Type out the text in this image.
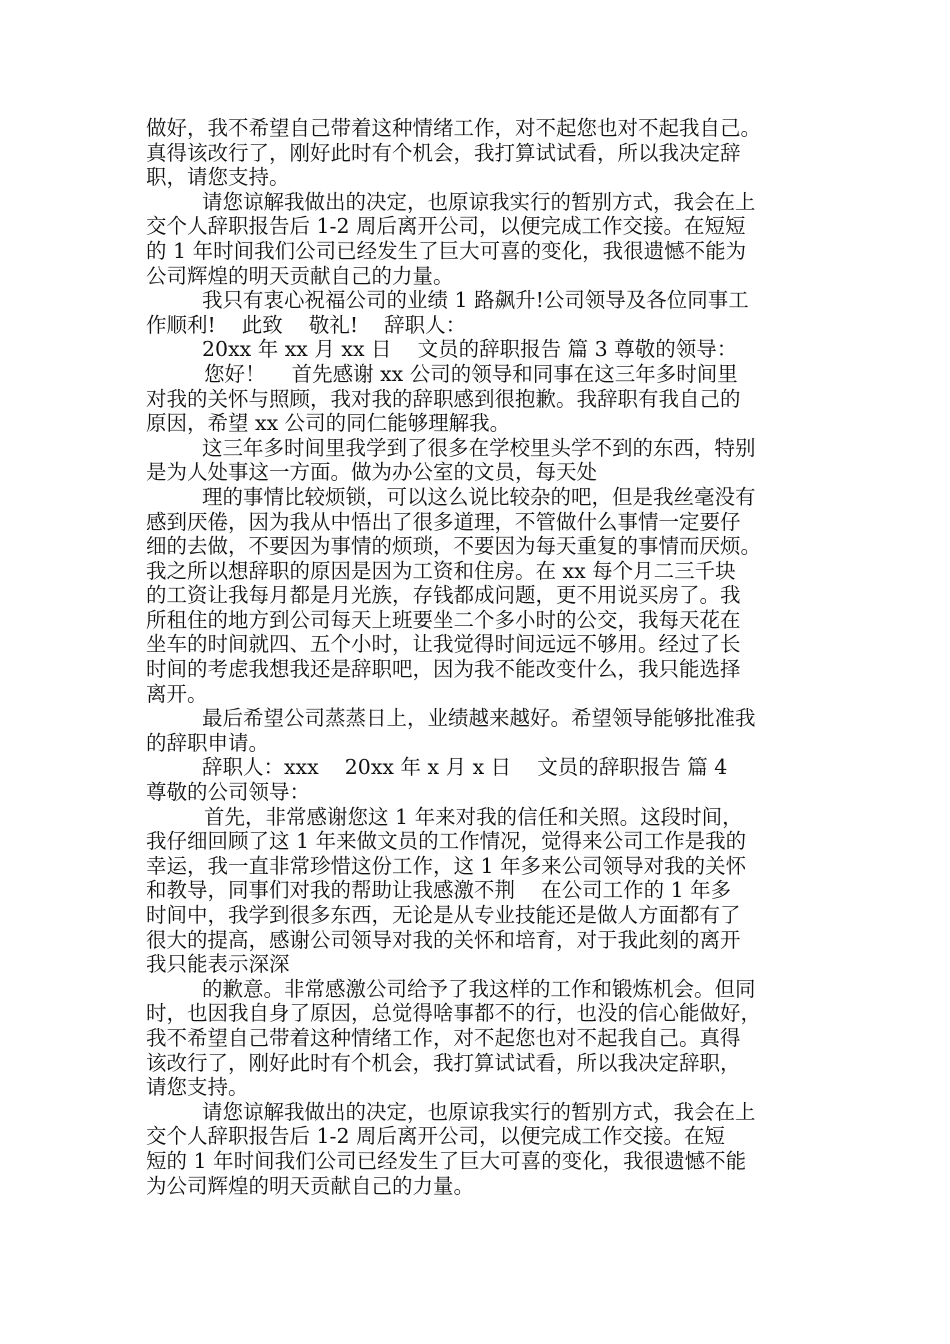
做好，我不希望自己带着这种情绪工作，对不起您也对不起我自己。
真得该改行了，刚好此时有个机会，我打算试试看，所以我决定辞
职，请您支持。
请您谅解我做出的决定，也原谅我实行的暂别方式，我会在上
交个人辞职报告后 1-2 周后离开公司，以便完成工作交接。在短短
的 1 年时间我们公司已经发生了巨大可喜的变化，我很遗憾不能为
公司辉煌的明天贡献自己的力量。
我只有衷心祝福公司的业绩 1 路飙升!公司领导及各位同事工
作顺利!    此致    敬礼!    辞职人：
20xx 年 xx 月 xx 日    文员的辞职报告 篇 3 尊敬的领导：
您好！    首先感谢 xx 公司的领导和同事在这三年多时间里
对我的关怀与照顾，我对我的辞职感到很抱歉。我辞职有我自己的
原因，希望 xx 公司的同仁能够理解我。
这三年多时间里我学到了很多在学校里头学不到的东西，特别
是为人处事这一方面。做为办公室的文员，每天处
理的事情比较烦锁，可以这么说比较杂的吧，但是我丝毫没有
感到厌倦，因为我从中悟出了很多道理，不管做什么事情一定要仔
细的去做，不要因为事情的烦琐，不要因为每天重复的事情而厌烦。
我之所以想辞职的原因是因为工资和住房。在 xx 每个月二三千块
的工资让我每月都是月光族，存钱都成问题，更不用说买房了。我
所租住的地方到公司每天上班要坐二个多小时的公交，我每天花在
坐车的时间就四、五个小时，让我觉得时间远远不够用。经过了长
时间的考虑我想我还是辞职吧，因为我不能改变什么，我只能选择
离开。
最后希望公司蒸蒸日上，业绩越来越好。希望领导能够批准我
的辞职申请。
辞职人：xxx    20xx 年 x 月 x 日    文员的辞职报告 篇 4
尊敬的公司领导：
首先，非常感谢您这 1 年来对我的信任和关照。这段时间，
我仔细回顾了这 1 年来做文员的工作情况，觉得来公司工作是我的
幸运，我一直非常珍惜这份工作，这 1 年多来公司领导对我的关怀
和教导，同事们对我的帮助让我感激不荆    在公司工作的 1 年多
时间中，我学到很多东西，无论是从专业技能还是做人方面都有了
很大的提高，感谢公司领导对我的关怀和培育，对于我此刻的离开
我只能表示深深
的歉意。非常感激公司给予了我这样的工作和锻炼机会。但同
时，也因我自身了原因，总觉得啥事都不的行，也没的信心能做好，
我不希望自己带着这种情绪工作，对不起您也对不起我自己。真得
该改行了，刚好此时有个机会，我打算试试看，所以我决定辞职，
请您支持。
请您谅解我做出的决定，也原谅我实行的暂别方式，我会在上
交个人辞职报告后 1-2 周后离开公司，以便完成工作交接。在短
短的 1 年时间我们公司已经发生了巨大可喜的变化，我很遗憾不能
为公司辉煌的明天贡献自己的力量。
